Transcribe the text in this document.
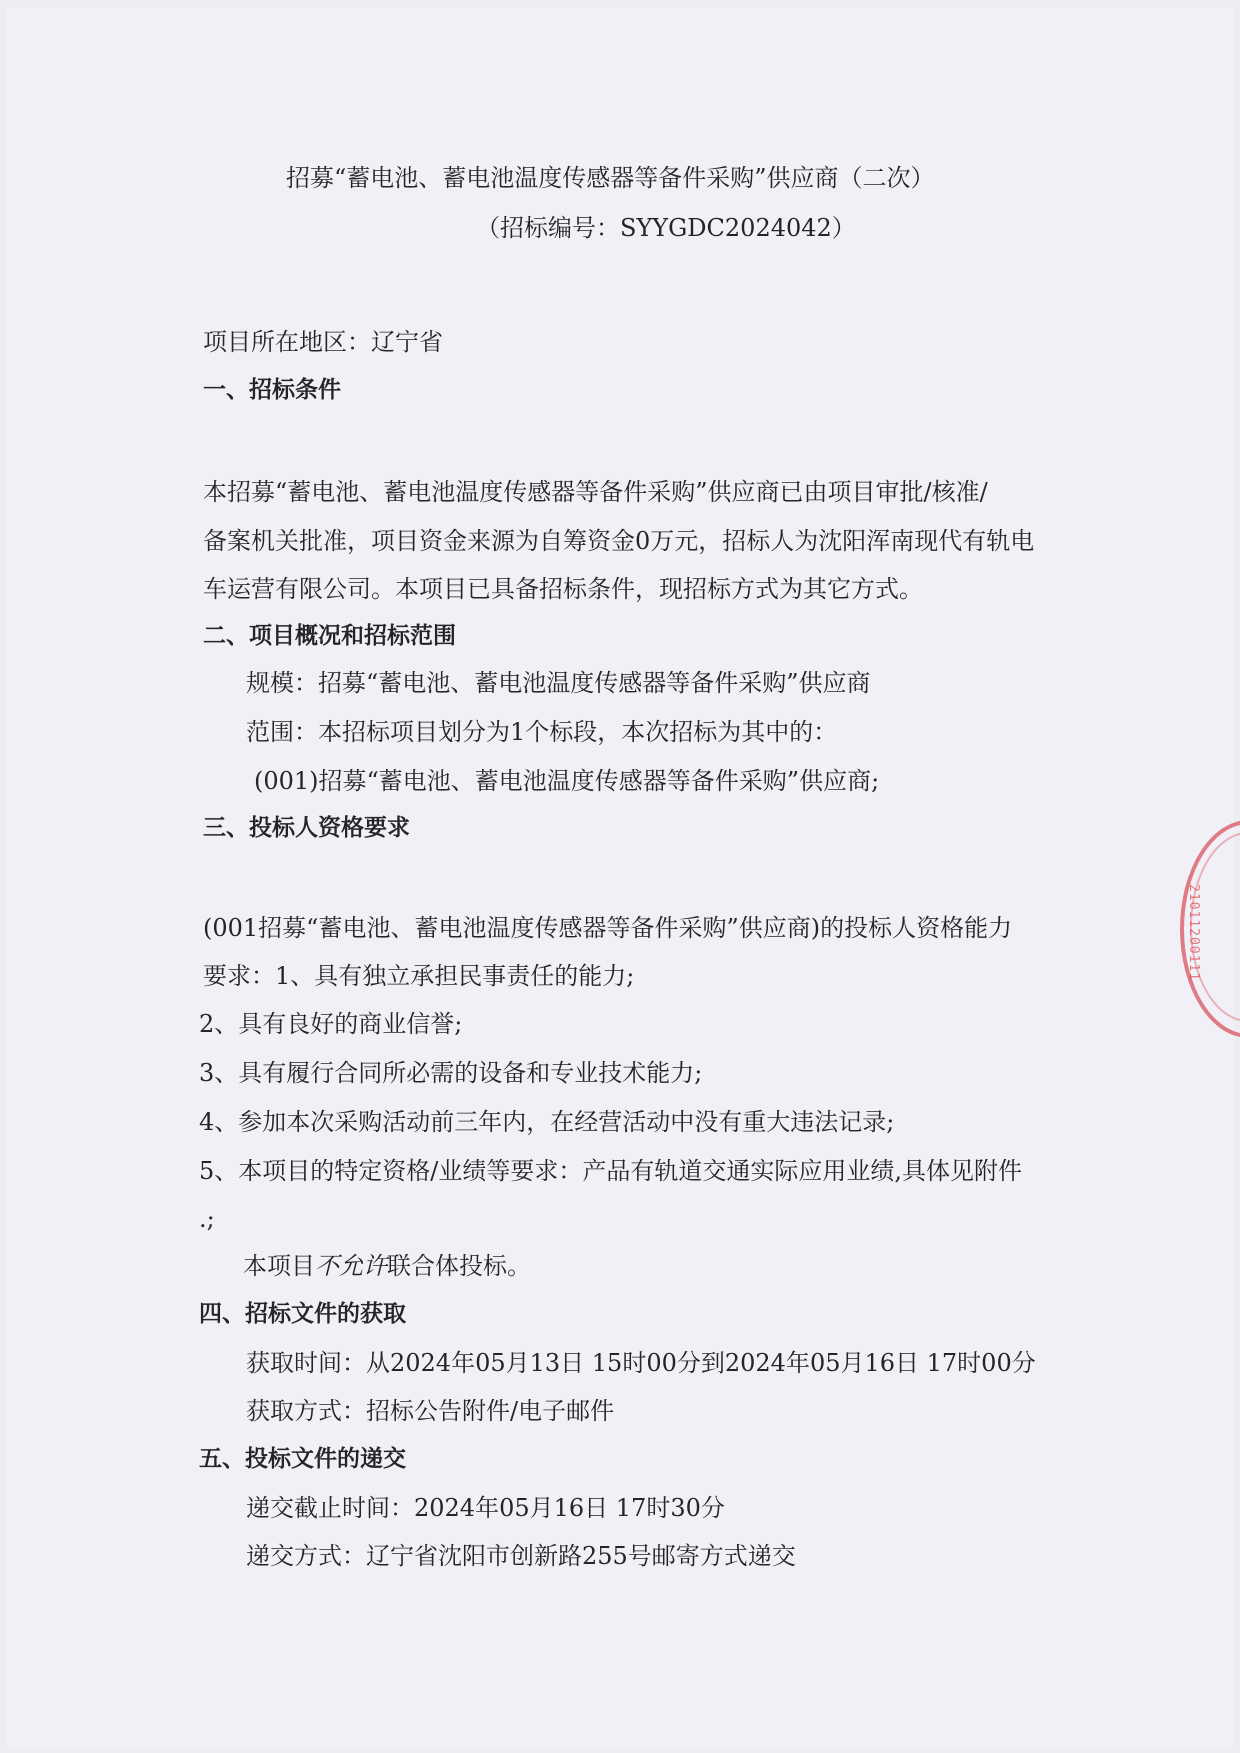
招募“蓄电池、蓄电池温度传感器等备件采购”供应商（二次）
（招标编号：SYYGDC2024042）
项目所在地区：辽宁省
一、招标条件
本招募“蓄电池、蓄电池温度传感器等备件采购”供应商已由项目审批/核准/
备案机关批准，项目资金来源为自筹资金0万元，招标人为沈阳浑南现代有轨电
车运营有限公司。本项目已具备招标条件，现招标方式为其它方式。
二、项目概况和招标范围
规模：招募“蓄电池、蓄电池温度传感器等备件采购”供应商
范围：本招标项目划分为1个标段，本次招标为其中的：
(001)招募“蓄电池、蓄电池温度传感器等备件采购”供应商;
三、投标人资格要求
(001招募“蓄电池、蓄电池温度传感器等备件采购”供应商)的投标人资格能力
要求：1、具有独立承担民事责任的能力;
2、具有良好的商业信誉;
3、具有履行合同所必需的设备和专业技术能力;
4、参加本次采购活动前三年内，在经营活动中没有重大违法记录;
5、本项目的特定资格/业绩等要求：产品有轨道交通实际应用业绩,具体见附件
.;
本项目不允许联合体投标。
四、招标文件的获取
获取时间：从2024年05月13日 15时00分到2024年05月16日 17时00分
获取方式：招标公告附件/电子邮件
五、投标文件的递交
递交截止时间：2024年05月16日 17时30分
递交方式：辽宁省沈阳市创新路255号邮寄方式递交
21011200111
